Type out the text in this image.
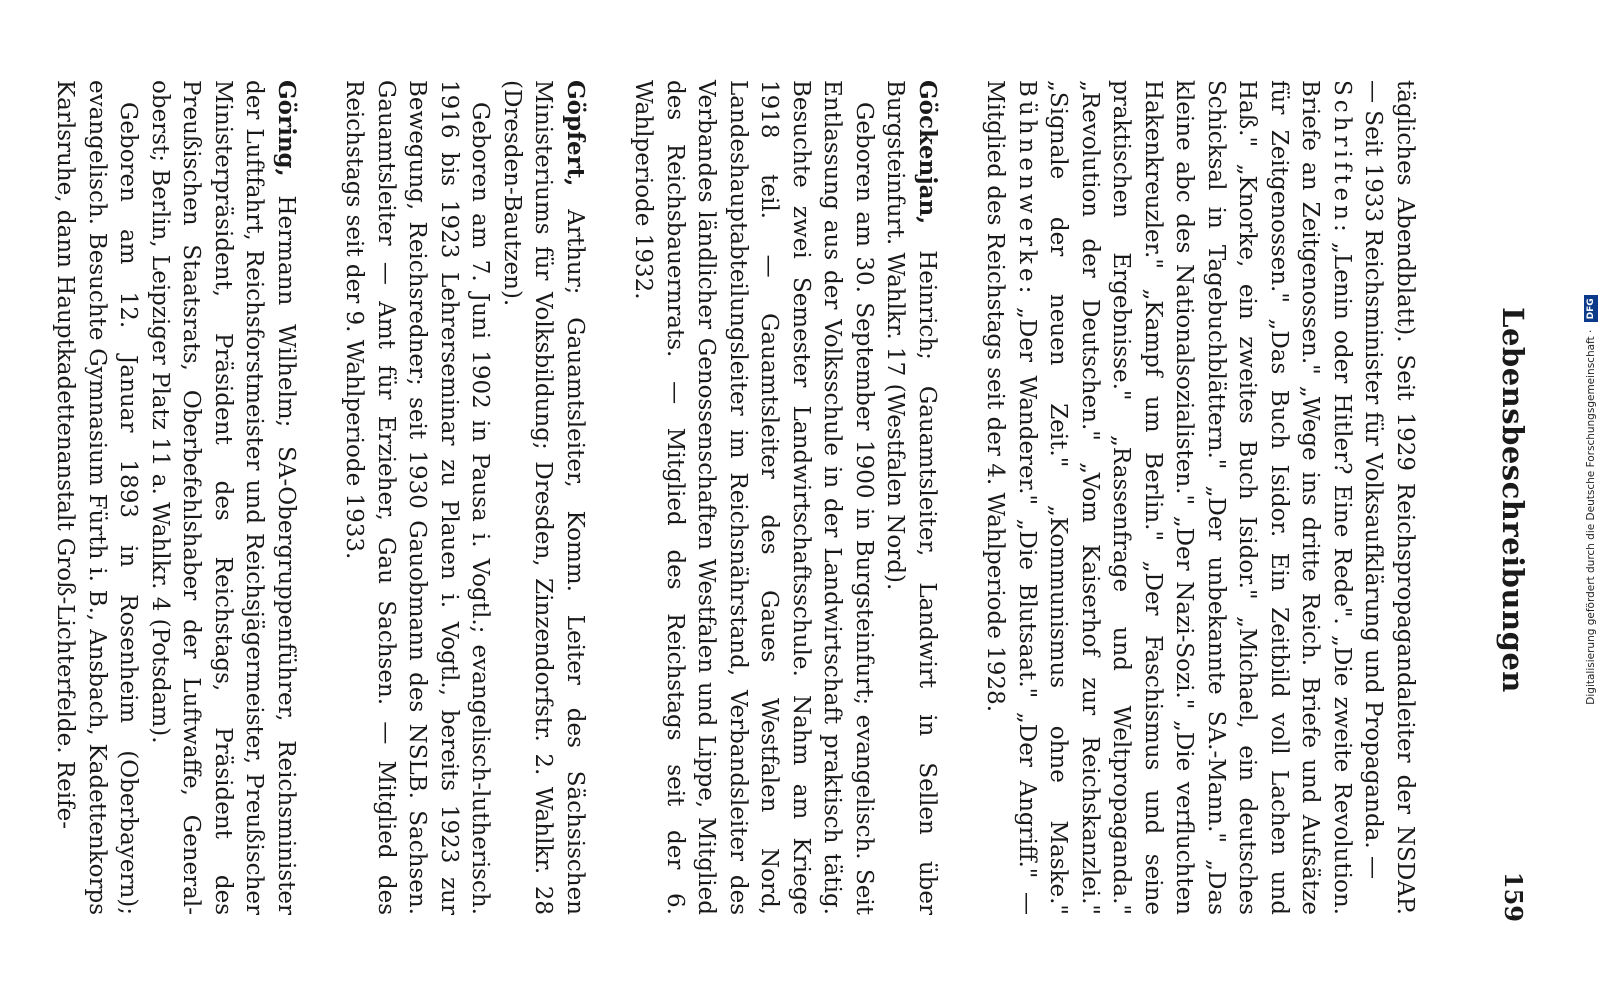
Lebensbeschreibungen
159

tägliches Abendblatt). Seit 1929 Reichspropagandaleiter der NSDAP. — Seit 1933 Reichsminister für Volksaufklärung und Propaganda. —

Schriften: „Lenin oder Hitler? Eine Rede". „Die zweite Revolution. Briefe an Zeitgenossen." „Wege ins dritte Reich. Briefe und Aufsätze für Zeitgenossen." „Das Buch Isidor. Ein Zeitbild voll Lachen und Haß." „Knorke, ein zweites Buch Isidor." „Michael, ein deutsches Schicksal in Tagebuchblättern." „Der unbekannte SA.-Mann." „Das kleine abc des Nationalsozialisten." „Der Nazi-Sozi." „Die verfluchten Hakenkreuzler." „Kampf um Berlin." „Der Faschismus und seine praktischen Ergebnisse." „Rassenfrage und Weltpropaganda." „Revolution der Deutschen." „Vom Kaiserhof zur Reichskanzlei." „Signale der neuen Zeit." „Kommunismus ohne Maske." Bühnenwerke: „Der Wanderer." „Die Blutsaat." „Der Angriff." — Mitglied des Reichstags seit der 4. Wahlperiode 1928.

Göckenjan, Heinrich; Gauamtsleiter, Landwirt in Sellen über Burgsteinfurt. Wahlkr. 17 (Westfalen Nord).

Geboren am 30. September 1900 in Burgsteinfurt; evangelisch. Seit Entlassung aus der Volksschule in der Landwirtschaft praktisch tätig. Besuchte zwei Semester Landwirtschaftsschule. Nahm am Kriege 1918 teil. — Gauamtsleiter des Gaues Westfalen Nord, Landeshauptabteilungsleiter im Reichsnährstand, Verbandsleiter des Verbandes ländlicher Genossenschaften Westfalen und Lippe, Mitglied des Reichsbauernrats. — Mitglied des Reichstags seit der 6. Wahlperiode 1932.

Göpfert, Arthur; Gauamtsleiter, Komm. Leiter des Sächsischen Ministeriums für Volksbildung; Dresden, Zinzendorfstr. 2. Wahlkr. 28 (Dresden-Bautzen).

Geboren am 7. Juni 1902 in Pausa i. Vogtl.; evangelisch-lutherisch. 1916 bis 1923 Lehrerseminar zu Plauen i. Vogtl., bereits 1923 zur Bewegung, Reichsredner; seit 1930 Gauobmann des NSLB. Sachsen. Gauamtsleiter — Amt für Erzieher, Gau Sachsen. — Mitglied des Reichstags seit der 9. Wahlperiode 1933.

Göring, Hermann Wilhelm; SA-Obergruppenführer, Reichsminister der Luftfahrt, Reichsforstmeister und Reichsjägermeister, Preußischer Ministerpräsident, Präsident des Reichstags, Präsident des Preußischen Staatsrats, Oberbefehlshaber der Luftwaffe, General-oberst; Berlin, Leipziger Platz 11 a. Wahlkr. 4 (Potsdam).

Geboren am 12. Januar 1893 in Rosenheim (Oberbayern); evangelisch. Besuchte Gymnasium Fürth i. B., Ansbach, Kadettenkorps Karlsruhe, dann Hauptkadettenanstalt Groß-Lichterfelde. Reife-	Digitalisierung gefördert durch die Deutsche Forschungsgemeinschaft · DFG
